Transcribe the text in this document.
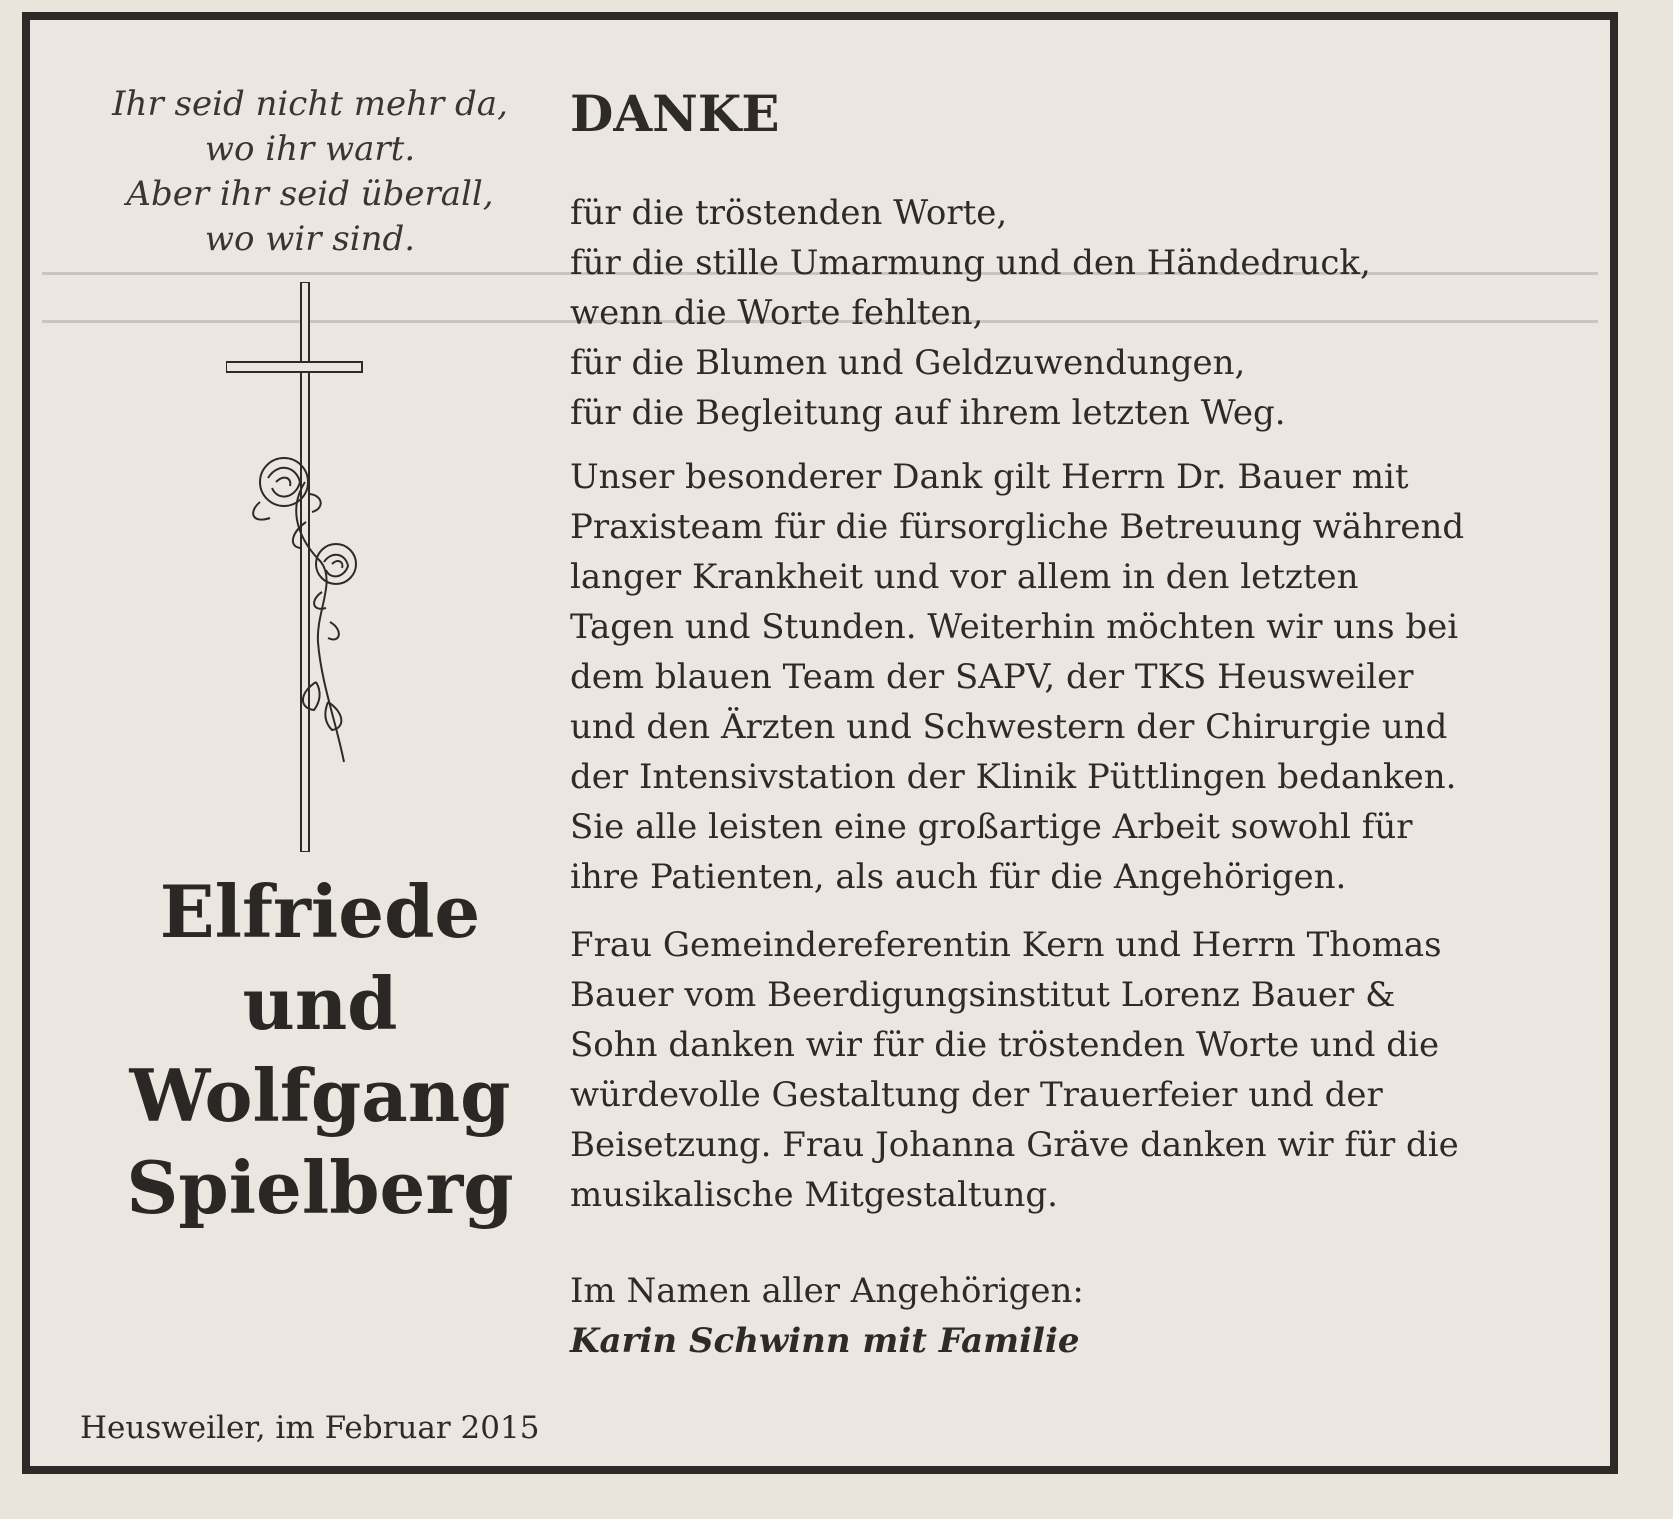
Ihr seid nicht mehr da,
wo ihr wart.
Aber ihr seid überall,
wo wir sind.
Elfriede
und
Wolfgang
Spielberg
Heusweiler, im Februar 2015
DANKE
für die tröstenden Worte,
für die stille Umarmung und den Händedruck,
wenn die Worte fehlten,
für die Blumen und Geldzuwendungen,
für die Begleitung auf ihrem letzten Weg.
Unser besonderer Dank gilt Herrn Dr. Bauer mit
Praxisteam für die fürsorgliche Betreuung während
langer Krankheit und vor allem in den letzten
Tagen und Stunden. Weiterhin möchten wir uns bei
dem blauen Team der SAPV, der TKS Heusweiler
und den Ärzten und Schwestern der Chirurgie und
der Intensivstation der Klinik Püttlingen bedanken.
Sie alle leisten eine großartige Arbeit sowohl für
ihre Patienten, als auch für die Angehörigen.
Frau Gemeindereferentin Kern und Herrn Thomas
Bauer vom Beerdigungsinstitut Lorenz Bauer &
Sohn danken wir für die tröstenden Worte und die
würdevolle Gestaltung der Trauerfeier und der
Beisetzung. Frau Johanna Gräve danken wir für die
musikalische Mitgestaltung.
Im Namen aller Angehörigen:
Karin Schwinn mit Familie
